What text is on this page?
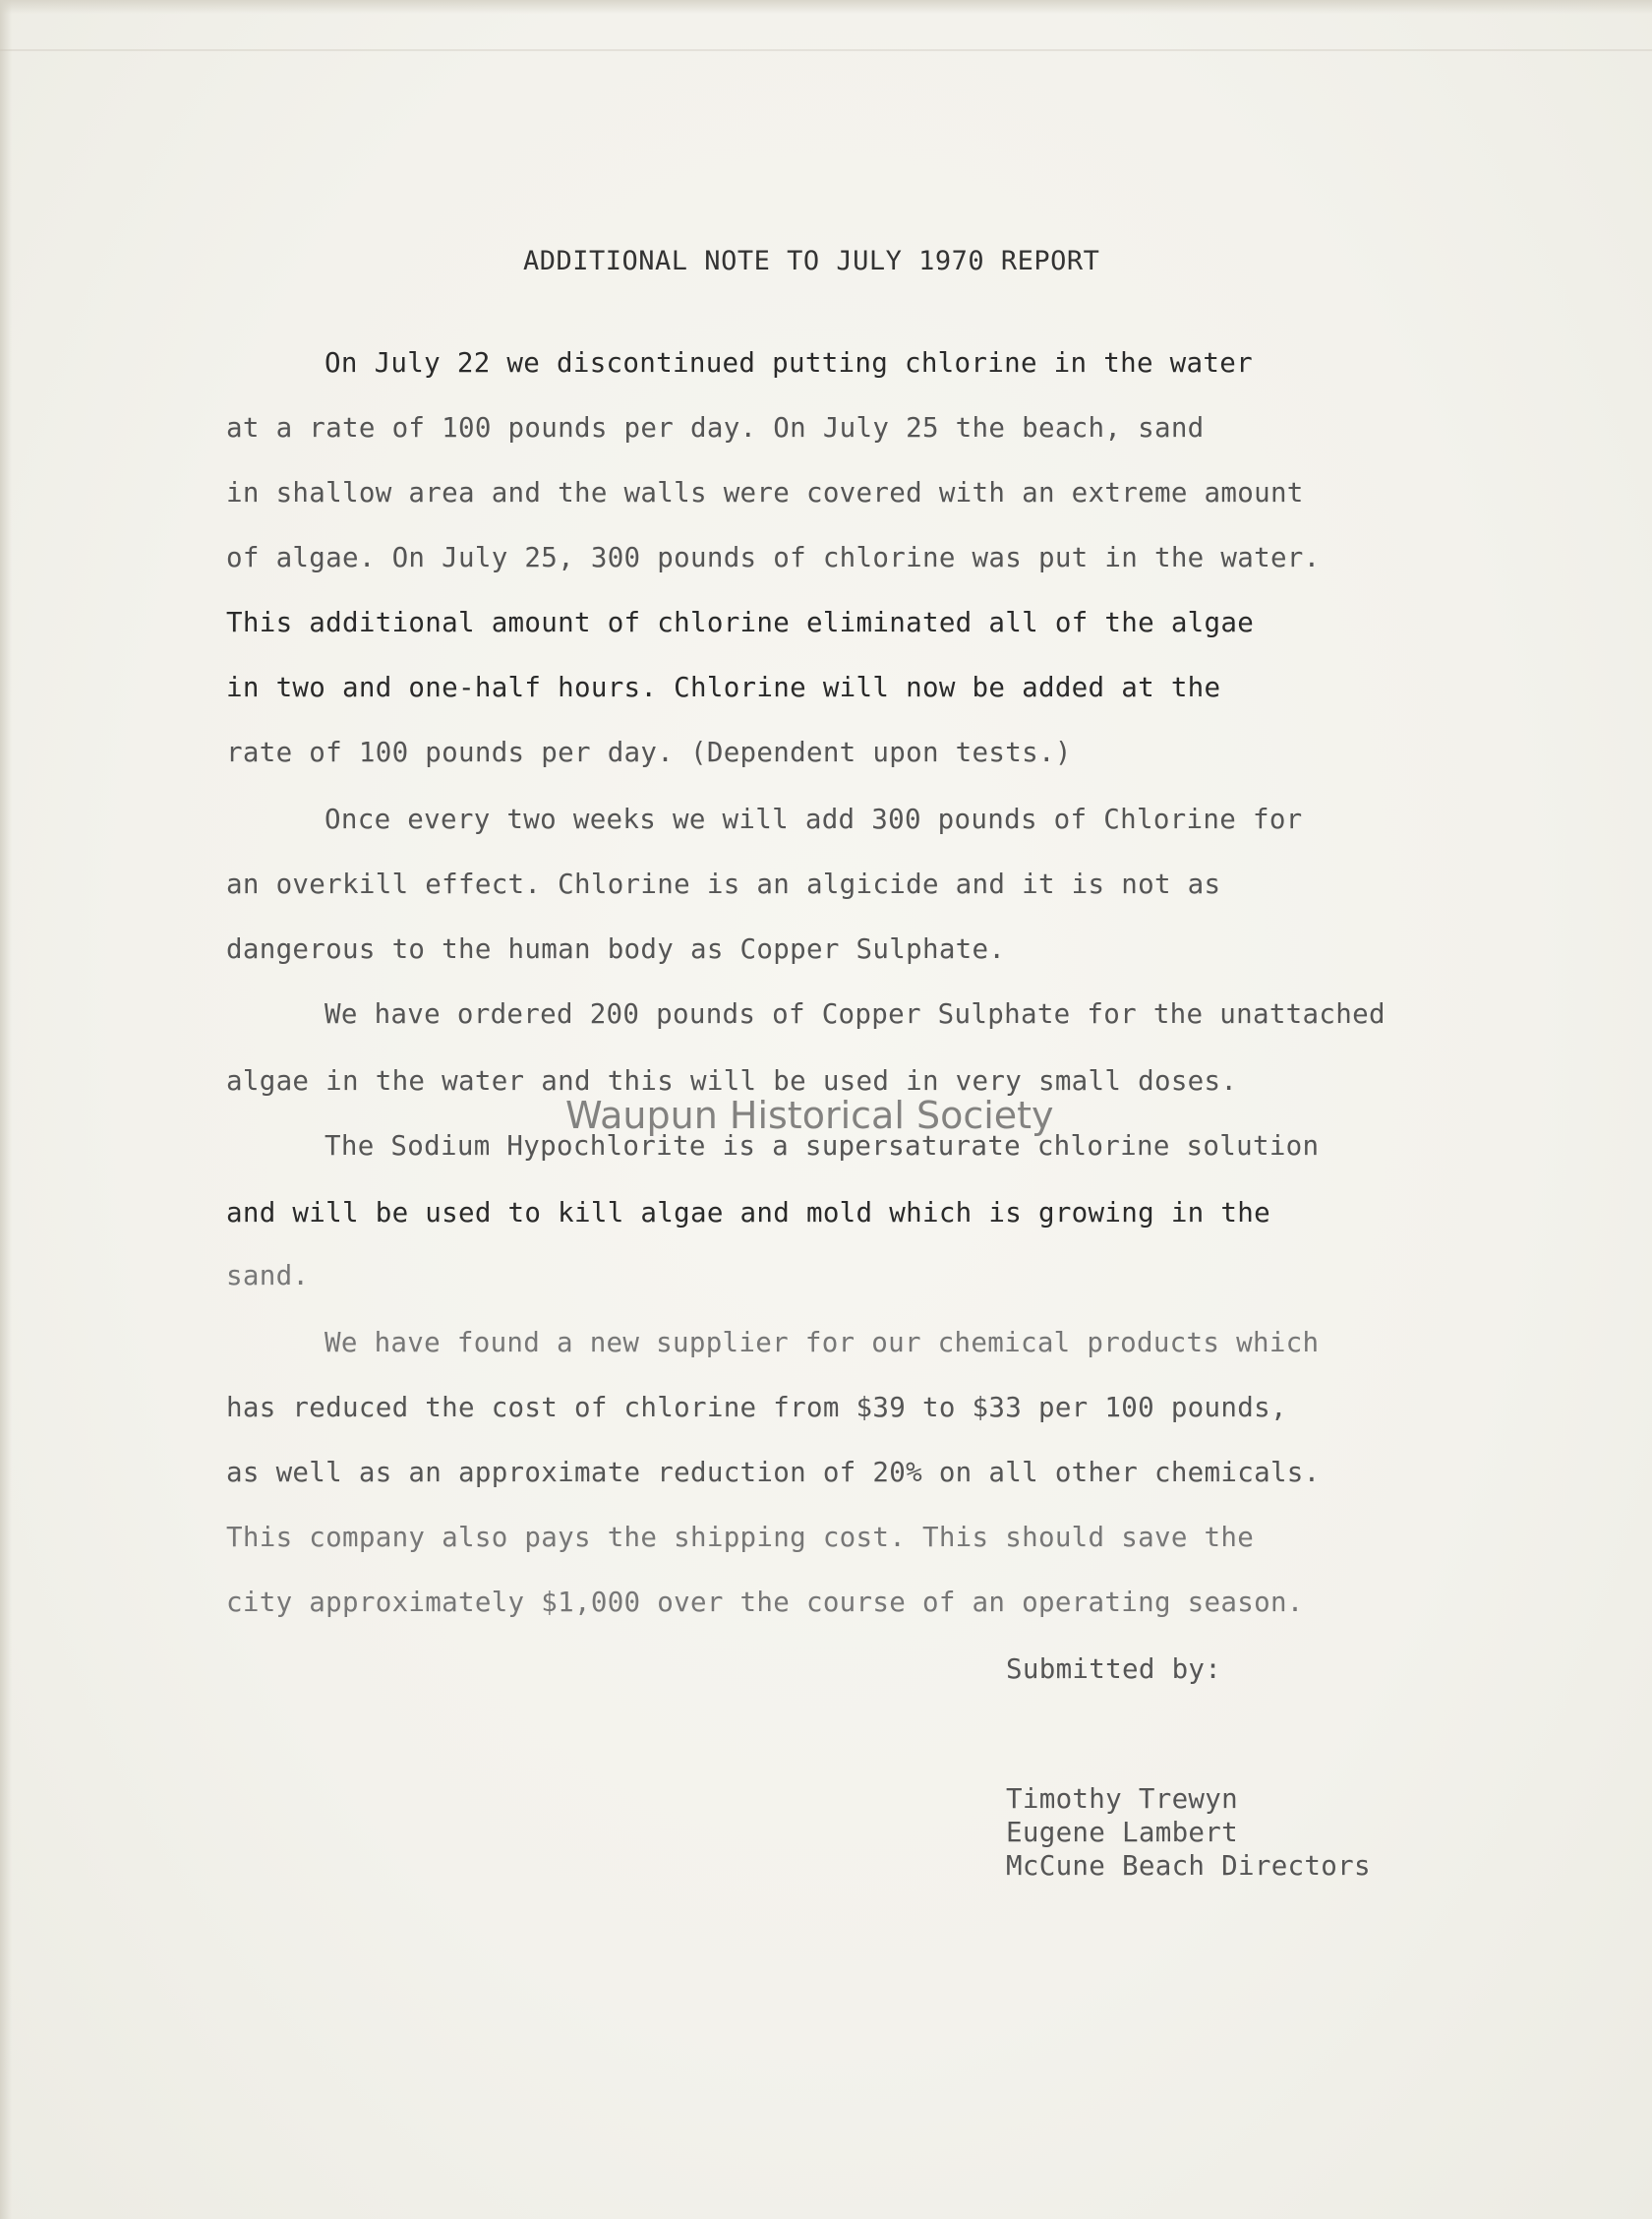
ADDITIONAL NOTE TO JULY 1970 REPORT
On July 22 we discontinued putting chlorine in the water
at a rate of 100 pounds per day. On July 25 the beach, sand
in shallow area and the walls were covered with an extreme amount
of algae. On July 25, 300 pounds of chlorine was put in the water.
This additional amount of chlorine eliminated all of the algae
in two and one-half hours. Chlorine will now be added at the
rate of 100 pounds per day. (Dependent upon tests.)
Once every two weeks we will add 300 pounds of Chlorine for
an overkill effect. Chlorine is an algicide and it is not as
dangerous to the human body as Copper Sulphate.
We have ordered 200 pounds of Copper Sulphate for the unattached
algae in the water and this will be used in very small doses.
The Sodium Hypochlorite is a supersaturate chlorine solution
and will be used to kill algae and mold which is growing in the
sand.
We have found a new supplier for our chemical products which
has reduced the cost of chlorine from $39 to $33 per 100 pounds,
as well as an approximate reduction of 20% on all other chemicals.
This company also pays the shipping cost. This should save the
city approximately $1,000 over the course of an operating season.
Submitted by:
Timothy Trewyn
Eugene Lambert
McCune Beach Directors
Waupun Historical Society
